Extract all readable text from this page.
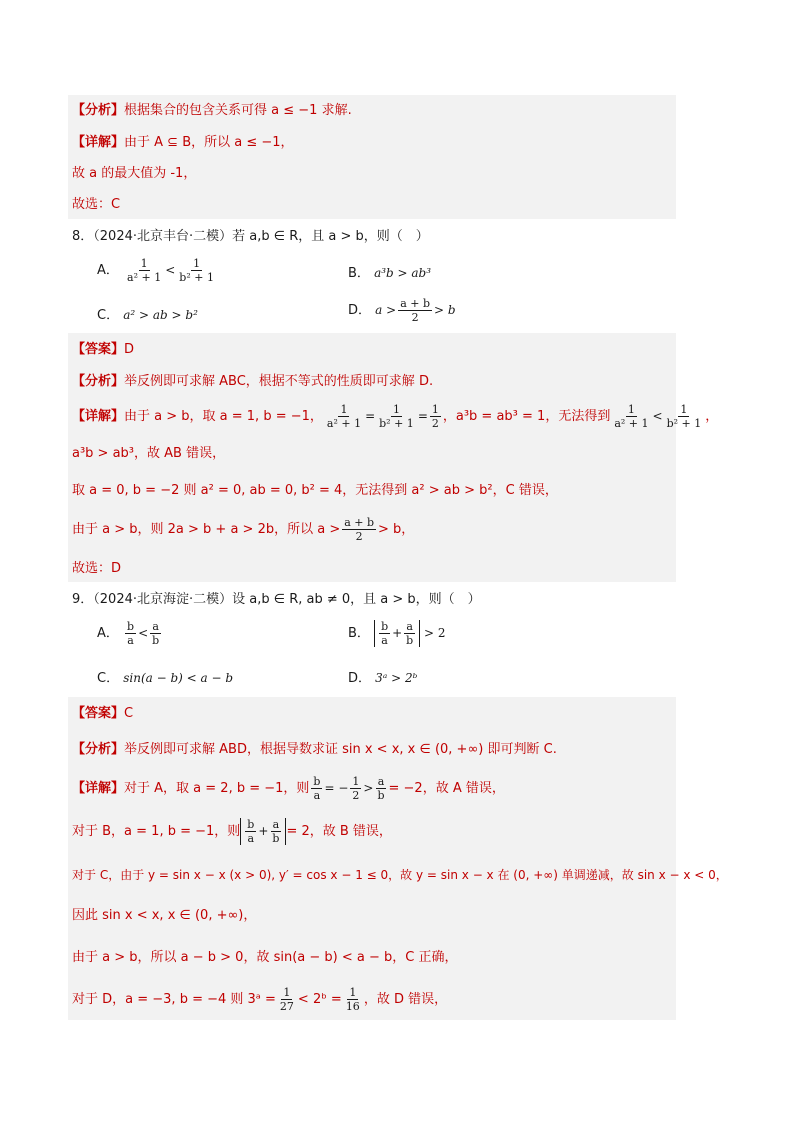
【分析】根据集合的包含关系可得 a ≤ −1 求解.
【详解】由于 A ⊆ B，所以 a ≤ −1，
故 a 的最大值为 -1，
故选：C
8．（2024·北京丰台·二模）若 a,b ∈ R，且 a > b，则（　）
A． $\frac{1}{\text{a² + 1}} < \frac{1}{\text{b² + 1}}$	B． a³b > ab³
C． a² > ab > b²	D． $a > \frac{a + b}{2} > b$
【答案】D
【分析】举反例即可求解 ABC，根据不等式的性质即可求解 D.
【详解】由于 a > b，取 a = 1, b = −1， $\frac{1}{\text{a² + 1}} = \frac{1}{\text{b² + 1}} = \frac{1}{2}$ ，a³b = ab³ = 1，无法得到 $\frac{1}{\text{a² + 1}} < \frac{1}{\text{b² + 1}}$ ，
a³b > ab³，故 AB 错误，
取 a = 0, b = −2 则 a² = 0, ab = 0, b² = 4，无法得到 a² > ab > b²，C 错误，
由于 a > b，则 2a > b + a > 2b，所以 $a > \frac{a + b}{2} > b$，
故选：D
9．（2024·北京海淀·二模）设 a,b ∈ R, ab ≠ 0，且 a > b，则（　）
A． $\frac{b}{a} < \frac{a}{b}$	B． $\frac{b}{a} + \frac{a}{b} > 2$
C． sin(a − b) < a − b	D． 3ᵃ > 2ᵇ
【答案】C
【分析】举反例即可求解 ABD，根据导数求证 sin x < x, x ∈ (0, +∞) 即可判断 C.
【详解】对于 A，取 a = 2, b = −1，则 $\frac{b}{a}$ = − $\frac{1}{2} > \frac{a}{b} = -2$，故 A 错误，
对于 B，a = 1, b = −1，则 $\frac{b}{a} + \frac{a}{b} = 2$，故 B 错误，
对于 C，由于 y = sin x − x (x > 0), y′ = cos x − 1 ≤ 0，故 y = sin x − x 在 (0, +∞) 单调递减，故 sin x − x < 0，
因此 sin x < x, x ∈ (0, +∞)，
由于 a > b，所以 a − b > 0，故 sin(a − b) < a − b，C 正确，
对于 D，a = −3, b = −4 则 3ᵃ = $\frac{1}{27}$ < 2ᵇ = $\frac{1}{16}$ ，故 D 错误，
